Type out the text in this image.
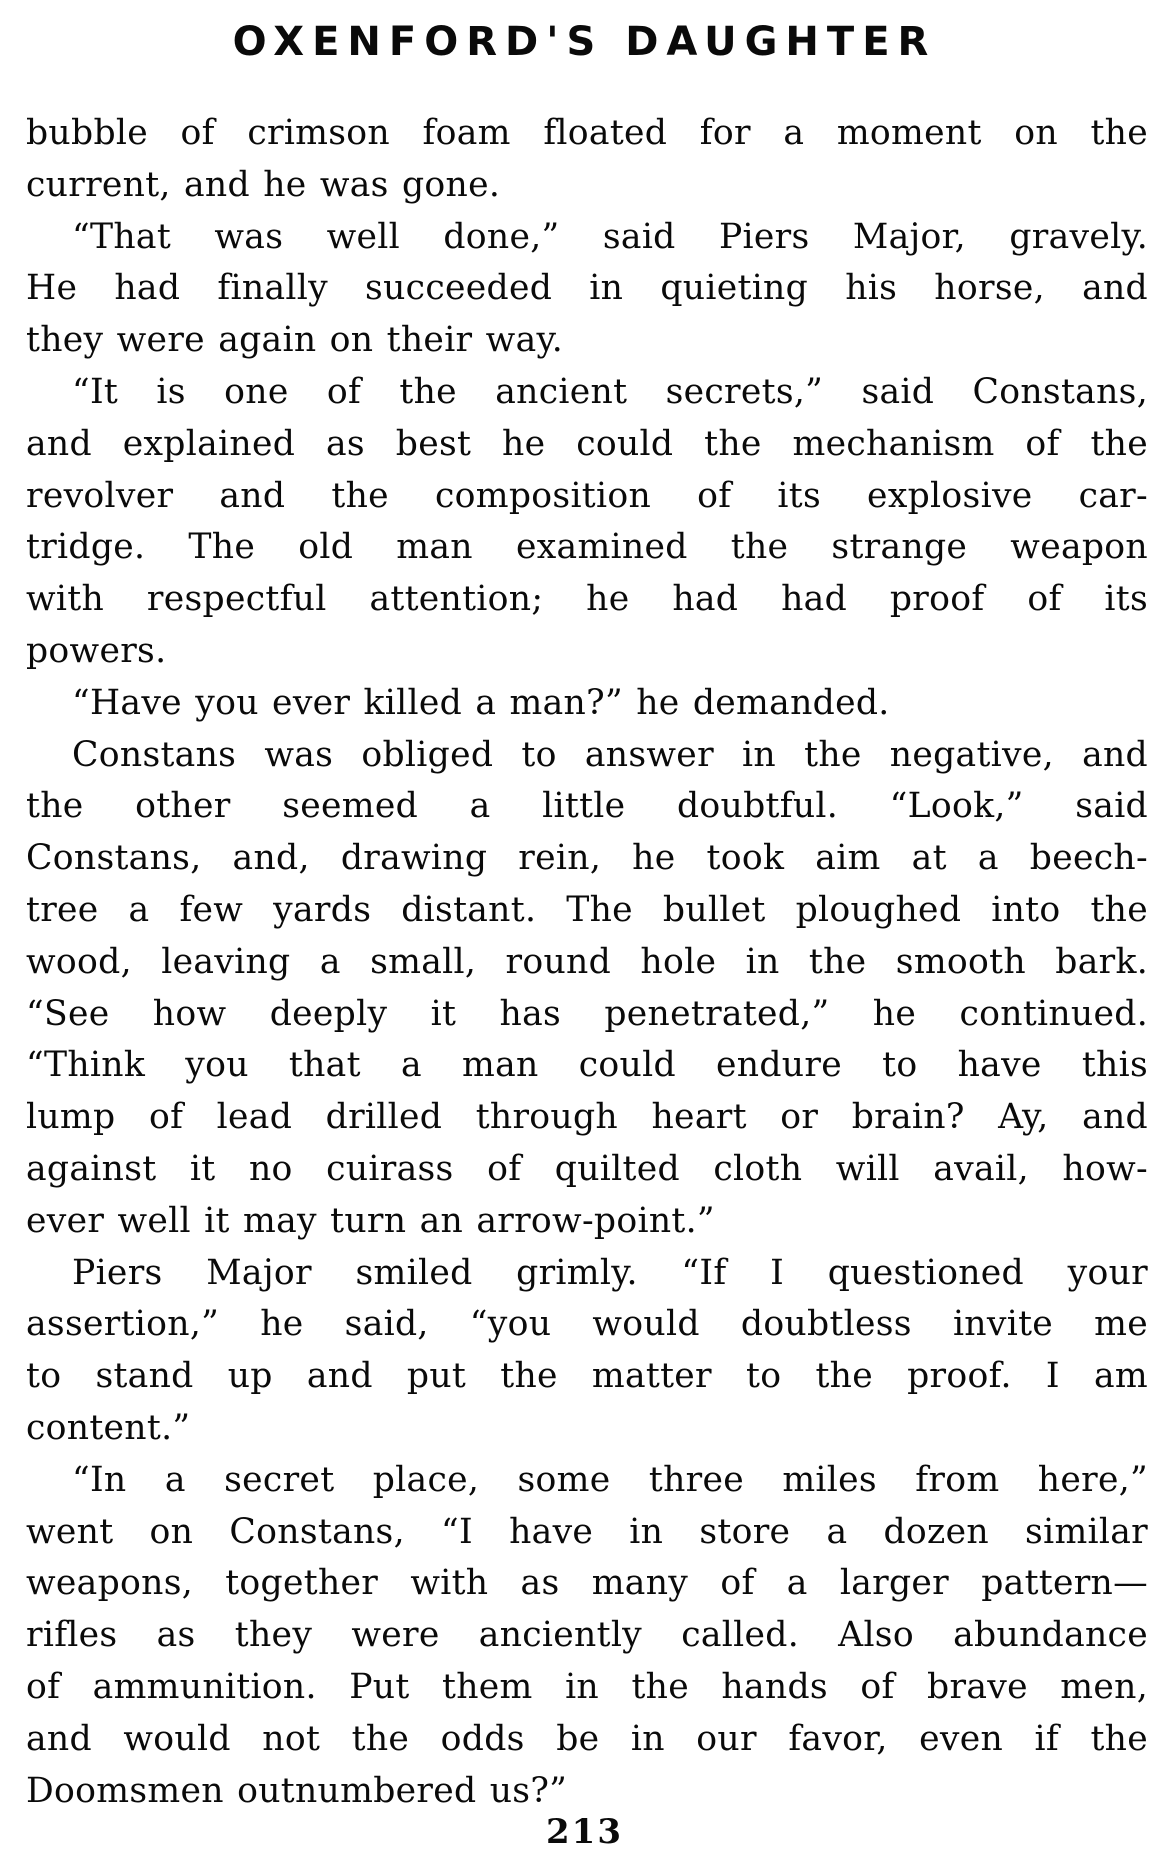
OXENFORD'S DAUGHTER
bubble of crimson foam floated for a moment on the
current, and he was gone.
“That was well done,” said Piers Major, gravely.
He had finally succeeded in quieting his horse, and
they were again on their way.
“It is one of the ancient secrets,” said Constans,
and explained as best he could the mechanism of the
revolver and the composition of its explosive car-
tridge. The old man examined the strange weapon
with respectful attention; he had had proof of its
powers.
“Have you ever killed a man?” he demanded.
Constans was obliged to answer in the negative, and
the other seemed a little doubtful. “Look,” said
Constans, and, drawing rein, he took aim at a beech-
tree a few yards distant. The bullet ploughed into the
wood, leaving a small, round hole in the smooth bark.
“See how deeply it has penetrated,” he continued.
“Think you that a man could endure to have this
lump of lead drilled through heart or brain? Ay, and
against it no cuirass of quilted cloth will avail, how-
ever well it may turn an arrow-point.”
Piers Major smiled grimly. “If I questioned your
assertion,” he said, “you would doubtless invite me
to stand up and put the matter to the proof. I am
content.”
“In a secret place, some three miles from here,”
went on Constans, “I have in store a dozen similar
weapons, together with as many of a larger pattern—
rifles as they were anciently called. Also abundance
of ammunition. Put them in the hands of brave men,
and would not the odds be in our favor, even if the
Doomsmen outnumbered us?”

213
